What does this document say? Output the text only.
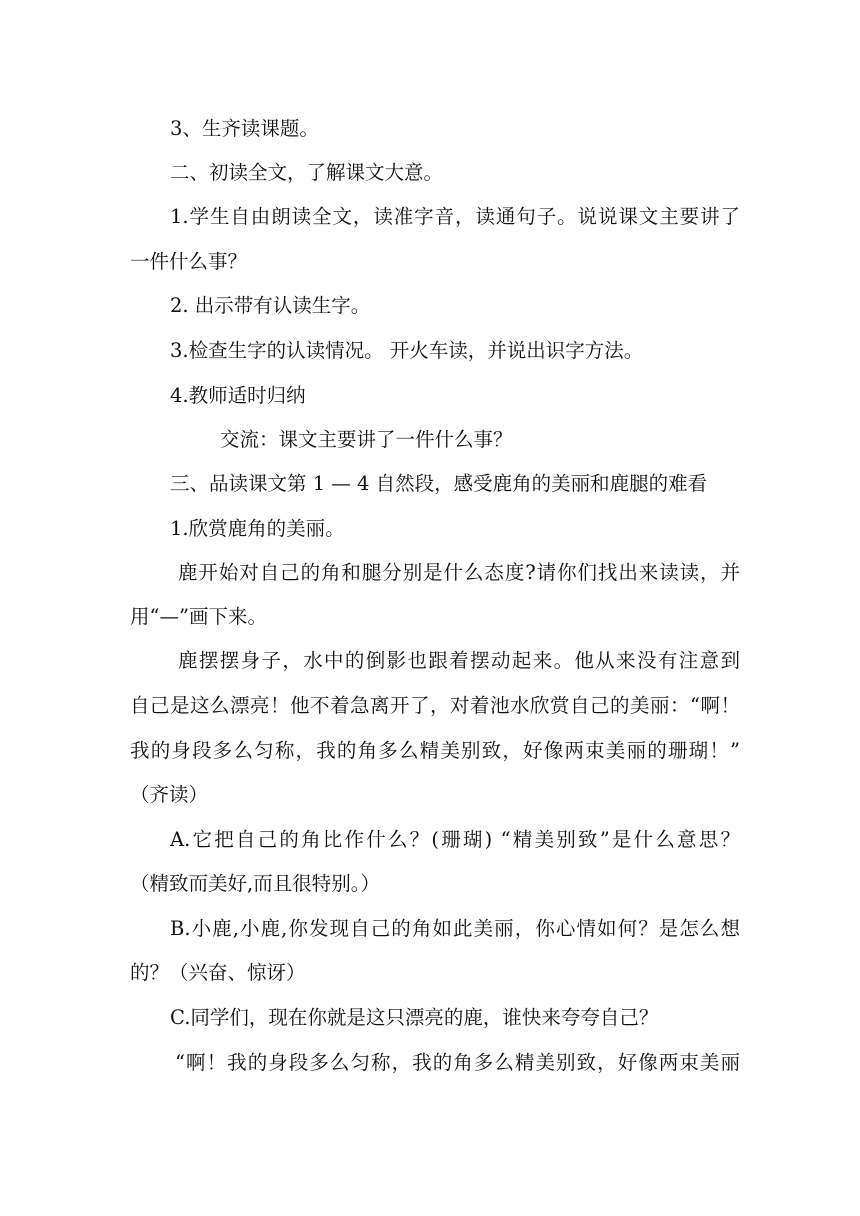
3、生齐读课题。
二、初读全文，了解课文大意。
1.学生自由朗读全文，读准字音，读通句子。说说课文主要讲了
一件什么事？
2. 出示带有认读生字。
3.检查生字的认读情况。 开火车读，并说出识字方法。
4.教师适时归纳
交流：课文主要讲了一件什么事？
三、品读课文第 1 — 4 自然段，感受鹿角的美丽和鹿腿的难看
1.欣赏鹿角的美丽。
鹿开始对自己的角和腿分别是什么态度?请你们找出来读读，并
用“—”画下来。
鹿摆摆身子，水中的倒影也跟着摆动起来。他从来没有注意到
自己是这么漂亮！他不着急离开了，对着池水欣赏自己的美丽：“啊！
我的身段多么匀称，我的角多么精美别致，好像两束美丽的珊瑚！”
（齐读）
A.它把自己的角比作什么？(珊瑚) “精美别致”是什么意思？
（精致而美好,而且很特别。）
B.小鹿,小鹿,你发现自己的角如此美丽，你心情如何？是怎么想
的？（兴奋、惊讶）
C.同学们，现在你就是这只漂亮的鹿，谁快来夸夸自己？
“啊！我的身段多么匀称，我的角多么精美别致，好像两束美丽
